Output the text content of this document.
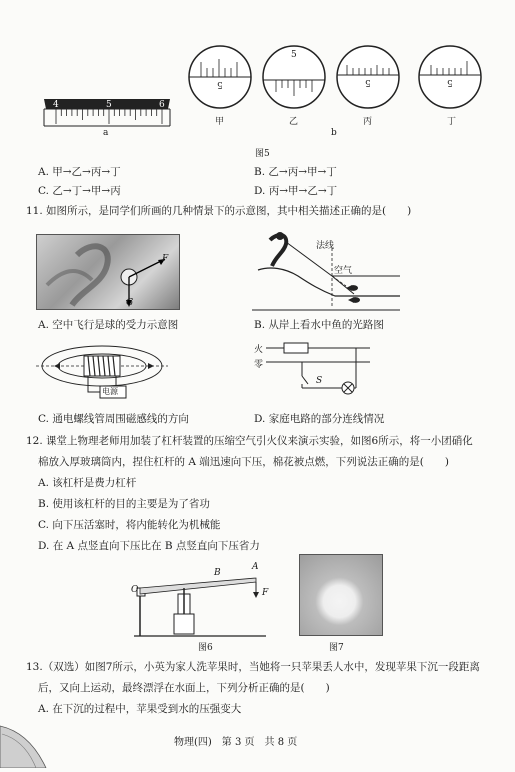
4	5	6
a
5
5
5	5
甲	乙	丙	丁
b
图5
A. 甲→乙→丙→丁	B. 乙→丙→甲→丁
C. 乙→丁→甲→丙	D. 丙→甲→乙→丁
11. 如图所示，是同学们所画的几种情景下的示意图，其中相关描述正确的是(　　)
F
G
法线
空气
A. 空中飞行是球的受力示意图	B. 从岸上看水中鱼的光路图
电源
火
零
S
C. 通电螺线管周围磁感线的方向	D. 家庭电路的部分连线情况
12. 课堂上物理老师用加装了杠杆装置的压缩空气引火仪来演示实验，如图6所示，将一小团硝化
棉放入厚玻璃筒内，捏住杠杆的 A 端迅速向下压，棉花被点燃，下列说法正确的是(　　)
A. 该杠杆是费力杠杆
B. 使用该杠杆的目的主要是为了省功
C. 向下压活塞时，将内能转化为机械能
D. 在 A 点竖直向下压比在 B 点竖直向下压省力
O
B
A
F
图6	图7
13.（双选）如图7所示，小英为家人洗苹果时，当她将一只苹果丢人水中，发现苹果下沉一段距离
后，又向上运动，最终漂浮在水面上，下列分析正确的是(　　)
A. 在下沉的过程中，苹果受到水的压强变大
物理(四)　第 3 页　共 8 页
